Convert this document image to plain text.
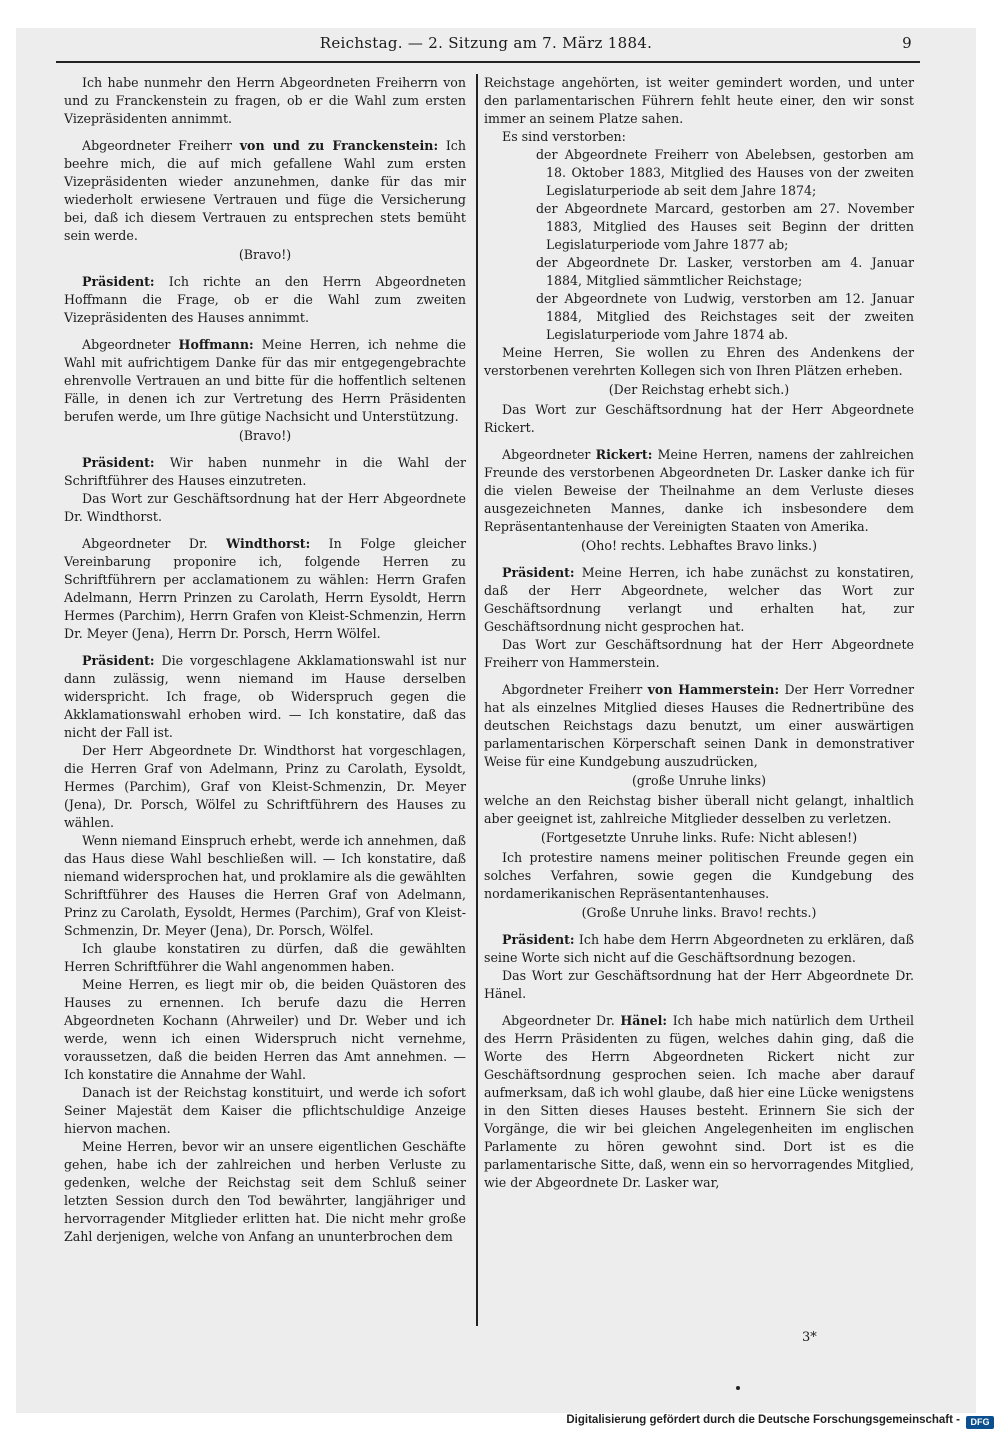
Reichstag. — 2. Sitzung am 7. März 1884.	9

Ich habe nunmehr den Herrn Abgeordneten Freiherrn von und zu Franckenstein zu fragen, ob er die Wahl zum ersten Vizepräsidenten annimmt.

Abgeordneter Freiherr von und zu Franckenstein: Ich beehre mich, die auf mich gefallene Wahl zum ersten Vizepräsidenten wieder anzunehmen, danke für das mir wiederholt erwiesene Vertrauen und füge die Versicherung bei, daß ich diesem Vertrauen zu entsprechen stets bemüht sein werde.

(Bravo!)

Präsident: Ich richte an den Herrn Abgeordneten Hoffmann die Frage, ob er die Wahl zum zweiten Vizepräsidenten des Hauses annimmt.

Abgeordneter Hoffmann: Meine Herren, ich nehme die Wahl mit aufrichtigem Danke für das mir entgegengebrachte ehrenvolle Vertrauen an und bitte für die hoffentlich seltenen Fälle, in denen ich zur Vertretung des Herrn Präsidenten berufen werde, um Ihre gütige Nachsicht und Unterstützung.

(Bravo!)

Präsident: Wir haben nunmehr in die Wahl der Schriftführer des Hauses einzutreten.

Das Wort zur Geschäftsordnung hat der Herr Abgeordnete Dr. Windthorst.

Abgeordneter Dr. Windthorst: In Folge gleicher Vereinbarung proponire ich, folgende Herren zu Schriftführern per acclamationem zu wählen: Herrn Grafen Adelmann, Herrn Prinzen zu Carolath, Herrn Eysoldt, Herrn Hermes (Parchim), Herrn Grafen von Kleist-Schmenzin, Herrn Dr. Meyer (Jena), Herrn Dr. Porsch, Herrn Wölfel.

Präsident: Die vorgeschlagene Akklamationswahl ist nur dann zulässig, wenn niemand im Hause derselben widerspricht. Ich frage, ob Widerspruch gegen die Akklamationswahl erhoben wird. — Ich konstatire, daß das nicht der Fall ist.

Der Herr Abgeordnete Dr. Windthorst hat vorgeschlagen, die Herren Graf von Adelmann, Prinz zu Carolath, Eysoldt, Hermes (Parchim), Graf von Kleist-Schmenzin, Dr. Meyer (Jena), Dr. Porsch, Wölfel zu Schriftführern des Hauses zu wählen.

Wenn niemand Einspruch erhebt, werde ich annehmen, daß das Haus diese Wahl beschließen will. — Ich konstatire, daß niemand widersprochen hat, und proklamire als die gewählten Schriftführer des Hauses die Herren Graf von Adelmann, Prinz zu Carolath, Eysoldt, Hermes (Parchim), Graf von Kleist-Schmenzin, Dr. Meyer (Jena), Dr. Porsch, Wölfel.

Ich glaube konstatiren zu dürfen, daß die gewählten Herren Schriftführer die Wahl angenommen haben.

Meine Herren, es liegt mir ob, die beiden Quästoren des Hauses zu ernennen. Ich berufe dazu die Herren Abgeordneten Kochann (Ahrweiler) und Dr. Weber und ich werde, wenn ich einen Widerspruch nicht vernehme, voraussetzen, daß die beiden Herren das Amt annehmen. — Ich konstatire die Annahme der Wahl.

Danach ist der Reichstag konstituirt, und werde ich sofort Seiner Majestät dem Kaiser die pflichtschuldige Anzeige hiervon machen.

Meine Herren, bevor wir an unsere eigentlichen Geschäfte gehen, habe ich der zahlreichen und herben Verluste zu gedenken, welche der Reichstag seit dem Schluß seiner letzten Session durch den Tod bewährter, langjähriger und hervorragender Mitglieder erlitten hat. Die nicht mehr große Zahl derjenigen, welche von Anfang an ununterbrochen dem

Reichstage angehörten, ist weiter gemindert worden, und unter den parlamentarischen Führern fehlt heute einer, den wir sonst immer an seinem Platze sahen.

Es sind verstorben:

der Abgeordnete Freiherr von Abelebsen, gestorben am 18. Oktober 1883, Mitglied des Hauses von der zweiten Legislaturperiode ab seit dem Jahre 1874;

der Abgeordnete Marcard, gestorben am 27. November 1883, Mitglied des Hauses seit Beginn der dritten Legislaturperiode vom Jahre 1877 ab;

der Abgeordnete Dr. Lasker, verstorben am 4. Januar 1884, Mitglied sämmtlicher Reichstage;

der Abgeordnete von Ludwig, verstorben am 12. Januar 1884, Mitglied des Reichstages seit der zweiten Legislaturperiode vom Jahre 1874 ab.

Meine Herren, Sie wollen zu Ehren des Andenkens der verstorbenen verehrten Kollegen sich von Ihren Plätzen erheben.

(Der Reichstag erhebt sich.)

Das Wort zur Geschäftsordnung hat der Herr Abgeordnete Rickert.

Abgeordneter Rickert: Meine Herren, namens der zahlreichen Freunde des verstorbenen Abgeordneten Dr. Lasker danke ich für die vielen Beweise der Theilnahme an dem Verluste dieses ausgezeichneten Mannes, danke ich insbesondere dem Repräsentantenhause der Vereinigten Staaten von Amerika.

(Oho! rechts. Lebhaftes Bravo links.)

Präsident: Meine Herren, ich habe zunächst zu konstatiren, daß der Herr Abgeordnete, welcher das Wort zur Geschäftsordnung verlangt und erhalten hat, zur Geschäftsordnung nicht gesprochen hat.

Das Wort zur Geschäftsordnung hat der Herr Abgeordnete Freiherr von Hammerstein.

Abgordneter Freiherr von Hammerstein: Der Herr Vorredner hat als einzelnes Mitglied dieses Hauses die Rednertribüne des deutschen Reichstags dazu benutzt, um einer auswärtigen parlamentarischen Körperschaft seinen Dank in demonstrativer Weise für eine Kundgebung auszudrücken,

(große Unruhe links)

welche an den Reichstag bisher überall nicht gelangt, inhaltlich aber geeignet ist, zahlreiche Mitglieder desselben zu verletzen.

(Fortgesetzte Unruhe links. Rufe: Nicht ablesen!)

Ich protestire namens meiner politischen Freunde gegen ein solches Verfahren, sowie gegen die Kundgebung des nordamerikanischen Repräsentantenhauses.

(Große Unruhe links. Bravo! rechts.)

Präsident: Ich habe dem Herrn Abgeordneten zu erklären, daß seine Worte sich nicht auf die Geschäftsordnung bezogen.

Das Wort zur Geschäftsordnung hat der Herr Abgeordnete Dr. Hänel.

Abgeordneter Dr. Hänel: Ich habe mich natürlich dem Urtheil des Herrn Präsidenten zu fügen, welches dahin ging, daß die Worte des Herrn Abgeordneten Rickert nicht zur Geschäftsordnung gesprochen seien. Ich mache aber darauf aufmerksam, daß ich wohl glaube, daß hier eine Lücke wenigstens in den Sitten dieses Hauses besteht. Erinnern Sie sich der Vorgänge, die wir bei gleichen Angelegenheiten im englischen Parlamente zu hören gewohnt sind. Dort ist es die parlamentarische Sitte, daß, wenn ein so hervorragendes Mitglied, wie der Abgeordnete Dr. Lasker war,

3*
Digitalisierung gefördert durch die Deutsche Forschungsgemeinschaft -	DFG
